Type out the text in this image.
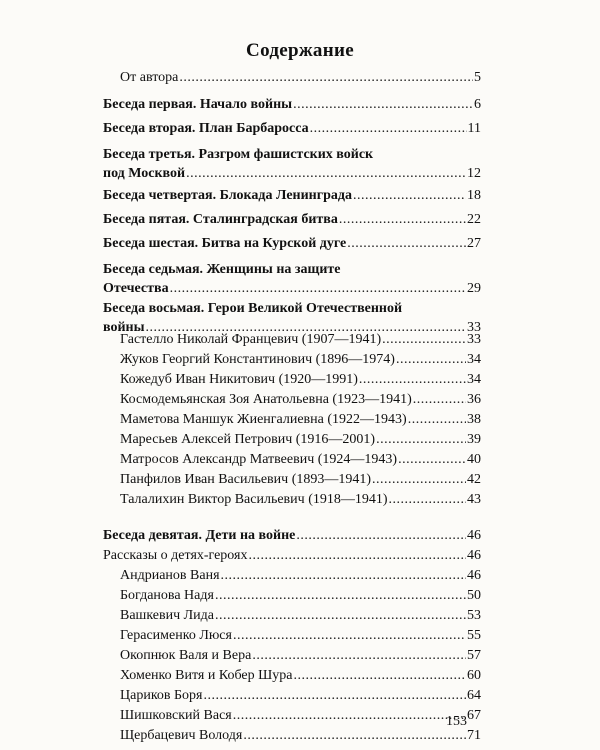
Содержание
От автора .....	5
Беседа первая. Начало войны .....	6
Беседа вторая. План Барбаросса .....	11
Беседа третья. Разгром фашистских войск
под Москвой .....	12
Беседа четвертая. Блокада Ленинграда .....	18
Беседа пятая. Сталинградская битва .....	22
Беседа шестая. Битва на Курской дуге .....	27
Беседа седьмая. Женщины на защите
Отечества .....	29
Беседа восьмая. Герои Великой Отечественной
войны .....	33
Гастелло Николай Францевич (1907—1941) .....	33
Жуков Георгий Константинович (1896—1974) .....	34
Кожедуб Иван Никитович (1920—1991) .....	34
Космодемьянская Зоя Анатольевна (1923—1941) .....	36
Маметова Маншук Жиенгалиевна (1922—1943) .....	38
Маресьев Алексей Петрович (1916—2001) .....	39
Матросов Александр Матвеевич (1924—1943) .....	40
Панфилов Иван Васильевич (1893—1941) .....	42
Талалихин Виктор Васильевич (1918—1941) .....	43
Беседа девятая. Дети на войне .....	46
Рассказы о детях-героях .....	46
Андрианов Ваня .....	46
Богданова Надя .....	50
Вашкевич Лида .....	53
Герасименко Люся .....	55
Окопнюк Валя и Вера .....	57
Хоменко Витя и Кобер Шура .....	60
Цариков Боря .....	64
Шишковский Вася .....	67
Щербацевич Володя .....	71
153
